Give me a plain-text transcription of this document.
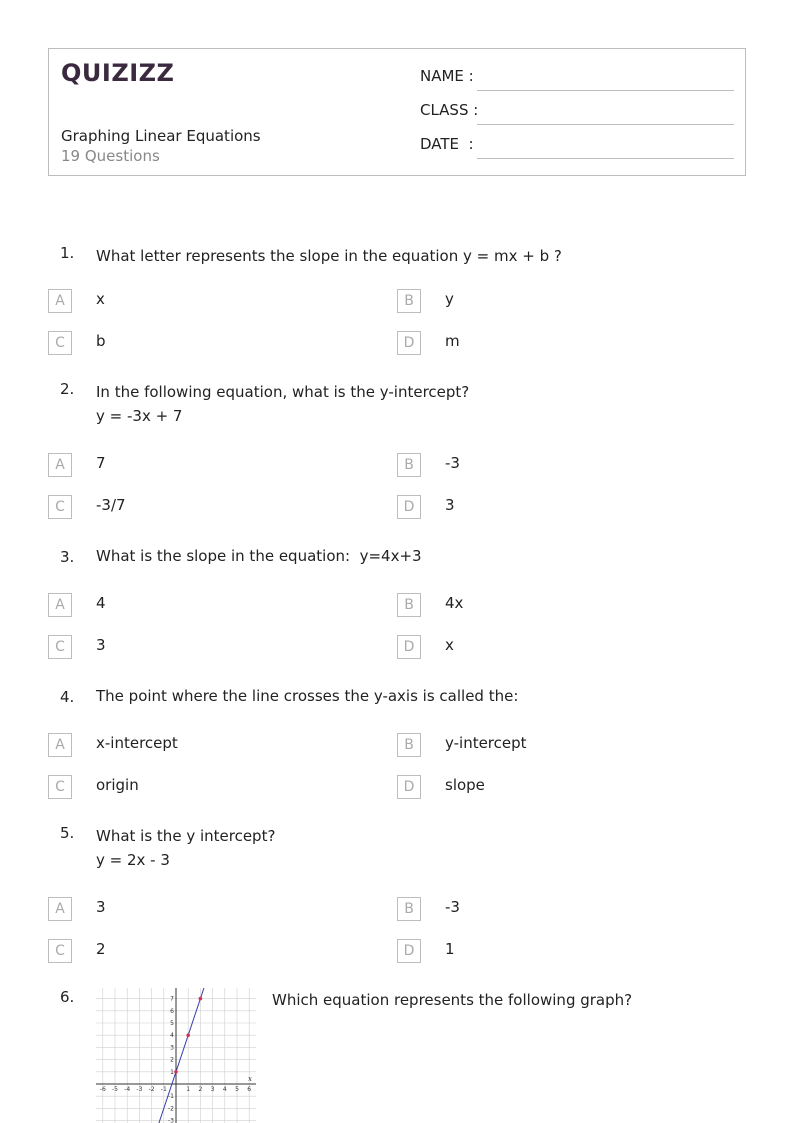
QUIZIZZ
Graphing Linear Equations
19 Questions
NAME :
CLASS :
DATE  :
1. What letter represents the slope in the equation y = mx + b ?
A	x	B	y
C	b	D	m
2. In the following equation, what is the y-intercept?
y = -3x + 7
A	7	B	-3
C	-3/7	D	3
3. What is the slope in the equation:  y=4x+3
A	4	B	4x
C	3	D	x
4. The point where the line crosses the y-axis is called the:
A	x-intercept	B	y-intercept
C	origin	D	slope
5. What is the y intercept?
y = 2x - 3
A	3	B	-3
C	2	D	1
6.	Which equation represents the following graph?
-6 -5 -4 -3 -2 -1	1 2 3 4 5 6
7
6
5
4
3
2
1
-1
-2
-3
x
